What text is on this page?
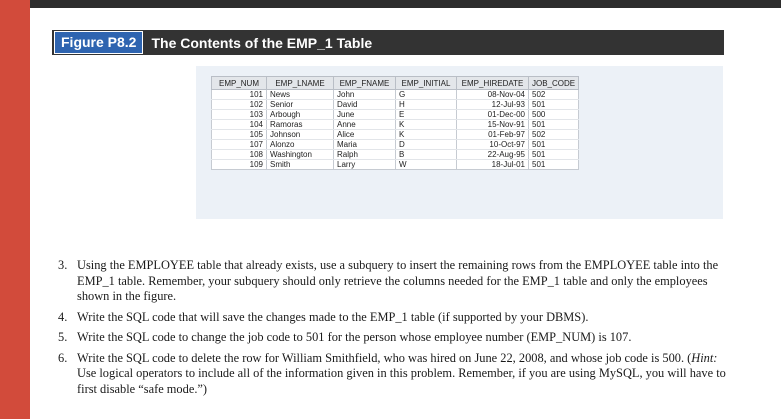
Figure P8.2	The Contents of the EMP_1 Table
EMP_NUM	EMP_LNAME	EMP_FNAME	EMP_INITIAL	EMP_HIREDATE	JOB_CODE
101	News	John	G	08-Nov-04	502
102	Senior	David	H	12-Jul-93	501
103	Arbough	June	E	01-Dec-00	500
104	Ramoras	Anne	K	15-Nov-91	501
105	Johnson	Alice	K	01-Feb-97	502
107	Alonzo	Maria	D	10-Oct-97	501
108	Washington	Ralph	B	22-Aug-95	501
109	Smith	Larry	W	18-Jul-01	501
3. Using the EMPLOYEE table that already exists, use a subquery to insert the remaining rows from the EMPLOYEE table into the EMP_1 table. Remember, your subquery should only retrieve the columns needed for the EMP_1 table and only the employees shown in the figure.
4. Write the SQL code that will save the changes made to the EMP_1 table (if supported by your DBMS).
5. Write the SQL code to change the job code to 501 for the person whose employee number (EMP_NUM) is 107.
6. Write the SQL code to delete the row for William Smithfield, who was hired on June 22, 2008, and whose job code is 500. (Hint: Use logical operators to include all of the information given in this problem. Remember, if you are using MySQL, you will have to first disable “safe mode.”)
